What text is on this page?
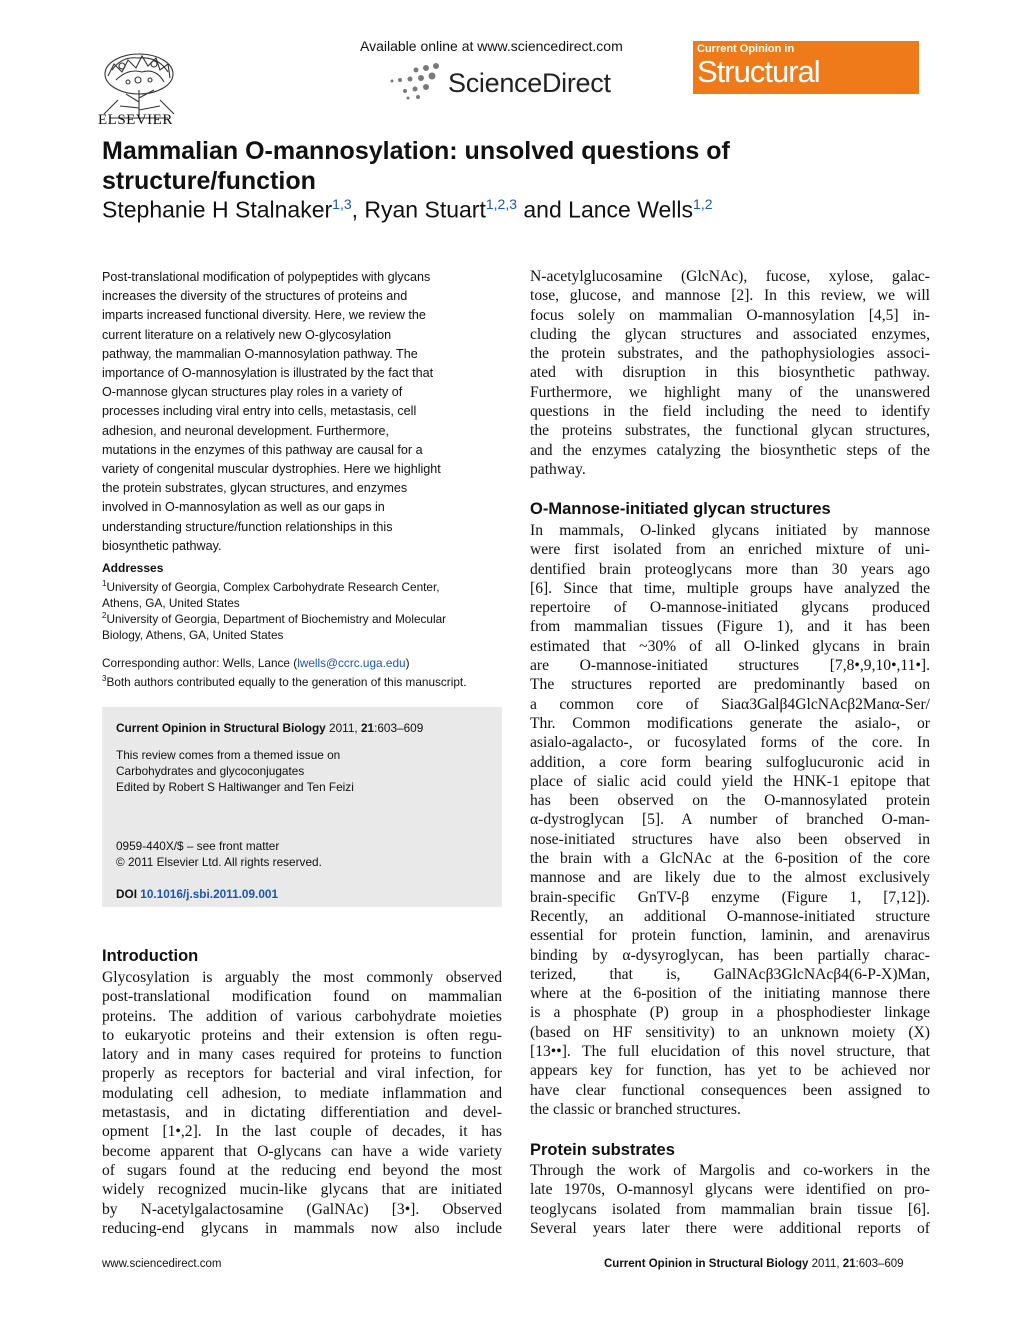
ELSEVIER
Available online at www.sciencedirect.com
ScienceDirect
Current Opinion in
Structural Biology
Mammalian O-mannosylation: unsolved questions of structure/function
Stephanie H Stalnaker$^{1,3}$, Ryan Stuart$^{1,2,3}$ and Lance Wells$^{1,2}$
Post-translational modification of polypeptides with glycans
increases the diversity of the structures of proteins and
imparts increased functional diversity. Here, we review the
current literature on a relatively new O-glycosylation
pathway, the mammalian O-mannosylation pathway. The
importance of O-mannosylation is illustrated by the fact that
O-mannose glycan structures play roles in a variety of
processes including viral entry into cells, metastasis, cell
adhesion, and neuronal development. Furthermore,
mutations in the enzymes of this pathway are causal for a
variety of congenital muscular dystrophies. Here we highlight
the protein substrates, glycan structures, and enzymes
involved in O-mannosylation as well as our gaps in
understanding structure/function relationships in this
biosynthetic pathway.
Addresses
$^1$University of Georgia, Complex Carbohydrate Research Center,
Athens, GA, United States
$^2$University of Georgia, Department of Biochemistry and Molecular
Biology, Athens, GA, United States
Corresponding author: Wells, Lance (lwells@ccrc.uga.edu)
$^3$Both authors contributed equally to the generation of this manuscript.
Current Opinion in Structural Biology 2011, 21:603–609
This review comes from a themed issue on
Carbohydrates and glycoconjugates
Edited by Robert S Haltiwanger and Ten Feizi
0959-440X/$ – see front matter
© 2011 Elsevier Ltd. All rights reserved.
DOI 10.1016/j.sbi.2011.09.001
Introduction
Glycosylation is arguably the most commonly observed
post-translational modification found on mammalian
proteins. The addition of various carbohydrate moieties
to eukaryotic proteins and their extension is often regu-
latory and in many cases required for proteins to function
properly as receptors for bacterial and viral infection, for
modulating cell adhesion, to mediate inflammation and
metastasis, and in dictating differentiation and devel-
opment [1•,2]. In the last couple of decades, it has
become apparent that O-glycans can have a wide variety
of sugars found at the reducing end beyond the most
widely recognized mucin-like glycans that are initiated
by N-acetylgalactosamine (GalNAc) [3•]. Observed
reducing-end glycans in mammals now also include
N-acetylglucosamine (GlcNAc), fucose, xylose, galac-
tose, glucose, and mannose [2]. In this review, we will
focus solely on mammalian O-mannosylation [4,5] in-
cluding the glycan structures and associated enzymes,
the protein substrates, and the pathophysiologies associ-
ated with disruption in this biosynthetic pathway.
Furthermore, we highlight many of the unanswered
questions in the field including the need to identify
the proteins substrates, the functional glycan structures,
and the enzymes catalyzing the biosynthetic steps of the
pathway.
O-Mannose-initiated glycan structures
In mammals, O-linked glycans initiated by mannose
were first isolated from an enriched mixture of uni-
dentified brain proteoglycans more than 30 years ago
[6]. Since that time, multiple groups have analyzed the
repertoire of O-mannose-initiated glycans produced
from mammalian tissues (Figure 1), and it has been
estimated that ~30% of all O-linked glycans in brain
are O-mannose-initiated structures [7,8•,9,10•,11•].
The structures reported are predominantly based on
a common core of Siaα3Galβ4GlcNAcβ2Manα-Ser/
Thr. Common modifications generate the asialo-, or
asialo-agalacto-, or fucosylated forms of the core. In
addition, a core form bearing sulfoglucuronic acid in
place of sialic acid could yield the HNK-1 epitope that
has been observed on the O-mannosylated protein
α-dystroglycan [5]. A number of branched O-man-
nose-initiated structures have also been observed in
the brain with a GlcNAc at the 6-position of the core
mannose and are likely due to the almost exclusively
brain-specific GnTV-β enzyme (Figure 1, [7,12]).
Recently, an additional O-mannose-initiated structure
essential for protein function, laminin, and arenavirus
binding by α-dysyroglycan, has been partially charac-
terized, that is, GalNAcβ3GlcNAcβ4(6-P-X)Man,
where at the 6-position of the initiating mannose there
is a phosphate (P) group in a phosphodiester linkage
(based on HF sensitivity) to an unknown moiety (X)
[13••]. The full elucidation of this novel structure, that
appears key for function, has yet to be achieved nor
have clear functional consequences been assigned to
the classic or branched structures.
Protein substrates
Through the work of Margolis and co-workers in the
late 1970s, O-mannosyl glycans were identified on pro-
teoglycans isolated from mammalian brain tissue [6].
Several years later there were additional reports of
www.sciencedirect.com	Current Opinion in Structural Biology 2011, 21:603–609
